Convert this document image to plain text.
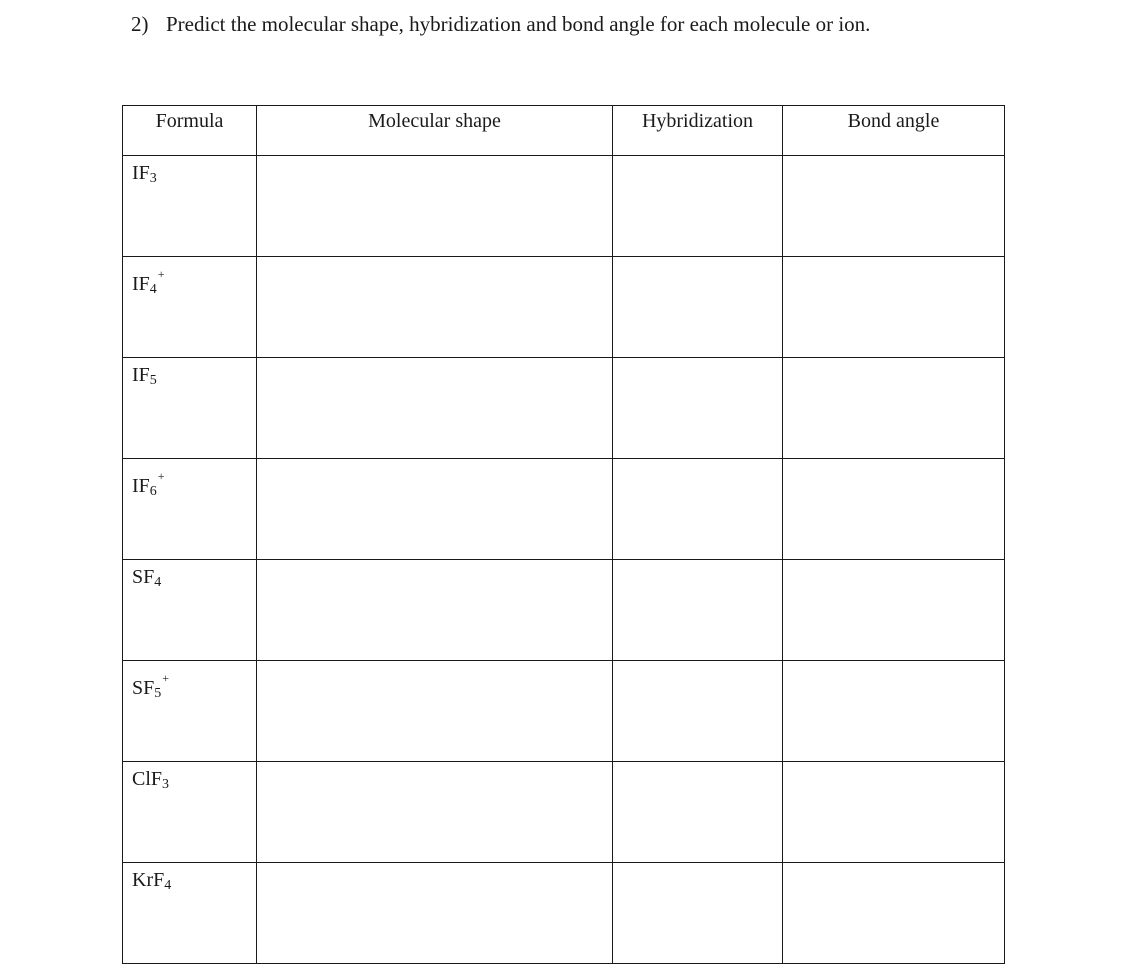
2) Predict the molecular shape, hybridization and bond angle for each molecule or ion.
Formula	Molecular shape	Hybridization	Bond angle
IF3			
IF4+			
IF5			
IF6+			
SF4			
SF5+			
ClF3			
KrF4			
